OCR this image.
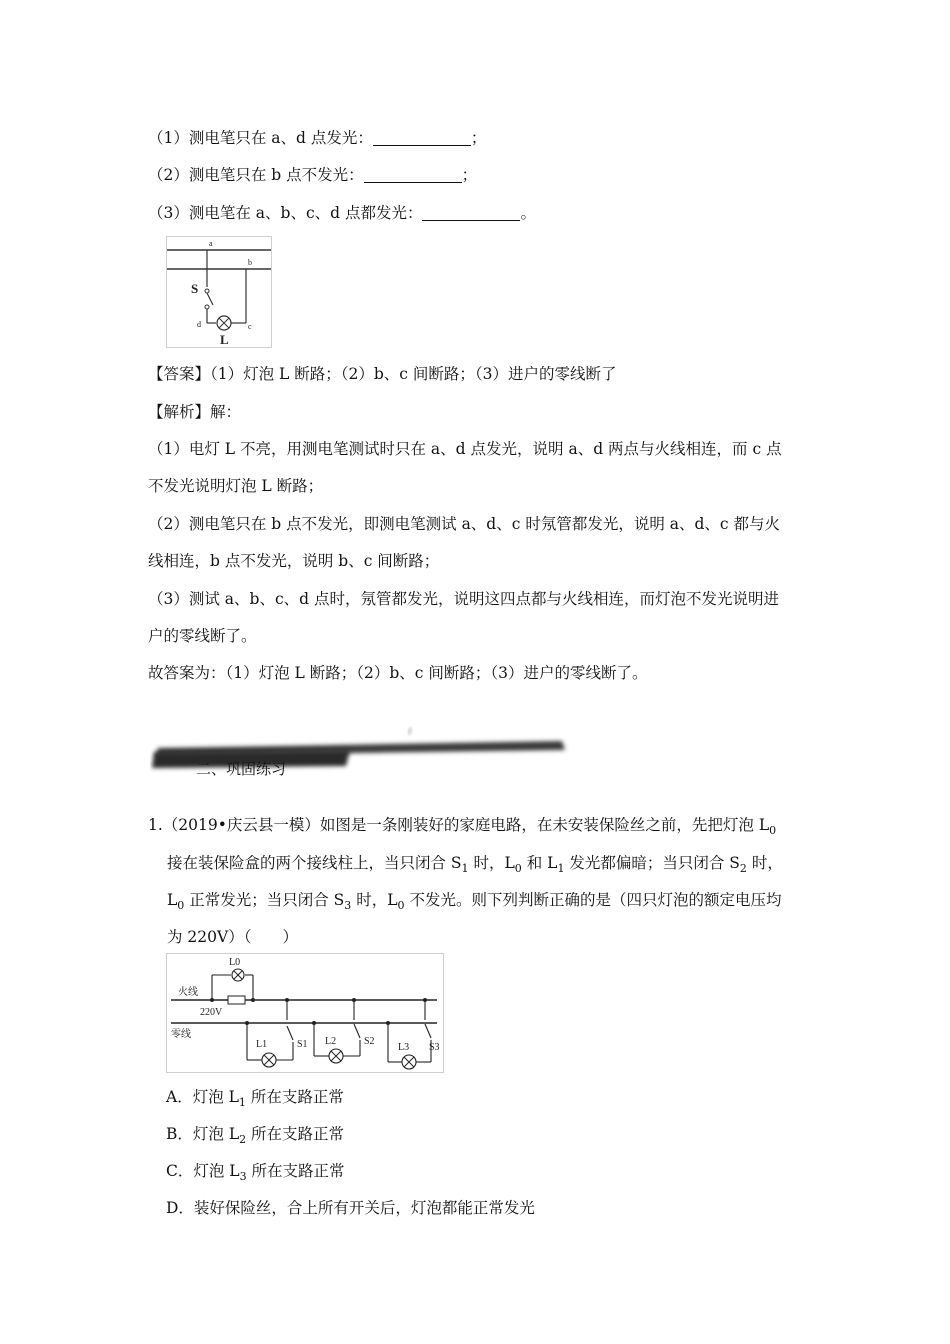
（1）测电笔只在 a、d 点发光：	；
（2）测电笔只在 b 点不发光：	；
（3）测电笔在 a、b、c、d 点都发光：	。
a
b
d	c
S
L
【答案】（1）灯泡 L 断路；（2）b、c 间断路；（3）进户的零线断了
【解析】解：
（1）电灯 L 不亮，用测电笔测试时只在 a、d 点发光，说明 a、d 两点与火线相连，而 c 点
不发光说明灯泡 L 断路；
（2）测电笔只在 b 点不发光，即测电笔测试 a、d、c 时氖管都发光，说明 a、d、c 都与火
线相连，b 点不发光，说明 b、c 间断路；
（3）测试 a、b、c、d 点时，氖管都发光，说明这四点都与火线相连，而灯泡不发光说明进
户的零线断了。
故答案为：（1）灯泡 L 断路；（2）b、c 间断路；（3）进户的零线断了。
二、巩固练习
1.（2019•庆云县一模）如图是一条刚装好的家庭电路，在未安装保险丝之前，先把灯泡 $L_0$
接在装保险盒的两个接线柱上，当只闭合 $S_1$ 时，$L_0$ 和 $L_1$ 发光都偏暗；当只闭合 $S_2$ 时，
$L_0$ 正常发光；当只闭合 $S_3$ 时，$L_0$ 不发光。则下列判断正确的是（四只灯泡的额定电压均
为 220V）（　　）
L0
火线
220V
零线
L1	S1 L2	S2
L3 S3
A．灯泡 $L_1$ 所在支路正常
B．灯泡 $L_2$ 所在支路正常
C．灯泡 $L_3$ 所在支路正常
D．装好保险丝，合上所有开关后，灯泡都能正常发光
